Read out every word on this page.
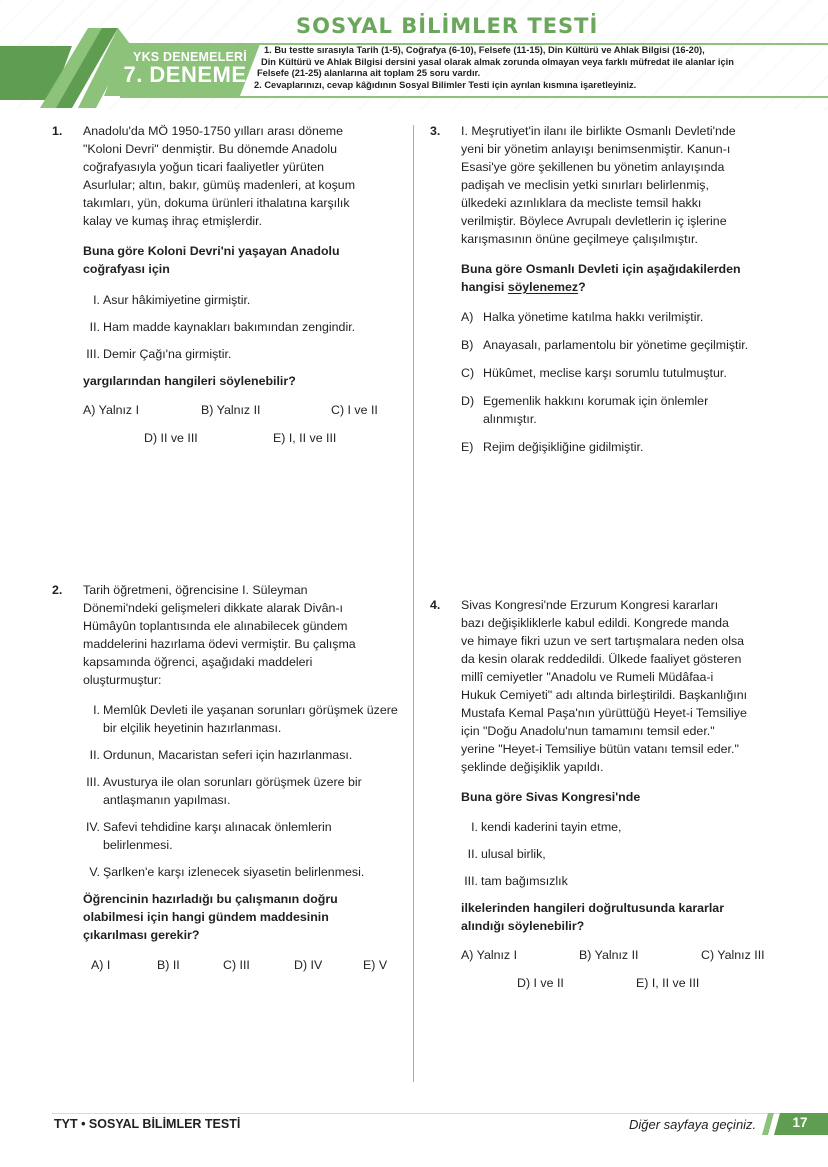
SOSYAL BİLİMLER TESTİ
YKS DENEMELERİ
7. DENEME
1. Bu testte sırasıyla Tarih (1-5), Coğrafya (6-10), Felsefe (11-15), Din Kültürü ve Ahlak Bilgisi (16-20),
Din Kültürü ve Ahlak Bilgisi dersini yasal olarak almak zorunda olmayan veya farklı müfredat ile alanlar için
Felsefe (21-25) alanlarına ait toplam 25 soru vardır.
2. Cevaplarınızı, cevap kâğıdının Sosyal Bilimler Testi için ayrılan kısmına işaretleyiniz.
1. Anadolu'da MÖ 1950-1750 yılları arası döneme

"Koloni Devri" denmiştir. Bu dönemde Anadolu

coğrafyasıyla yoğun ticari faaliyetler yürüten

Asurlular; altın, bakır, gümüş madenleri, at koşum

takımları, yün, dokuma ürünleri ithalatına karşılık

kalay ve kumaş ihraç etmişlerdir.

Buna göre Koloni Devri'ni yaşayan Anadolu

coğrafyası için

I. Asur hâkimiyetine girmiştir.
II. Ham madde kaynakları bakımından zengindir.
III. Demir Çağı'na girmiştir.

yargılarından hangileri söylenebilir?

A) Yalnız I	B) Yalnız II	C) I ve II
D) II ve III	E) I, II ve III
2. Tarih öğretmeni, öğrencisine I. Süleyman

Dönemi'ndeki gelişmeleri dikkate alarak Divân-ı

Hümâyûn toplantısında ele alınabilecek gündem

maddelerini hazırlama ödevi vermiştir. Bu çalışma

kapsamında öğrenci, aşağıdaki maddeleri

oluşturmuştur:

I. Memlûk Devleti ile yaşanan sorunları görüşmek üzere bir elçilik heyetinin hazırlanması.
II. Ordunun, Macaristan seferi için hazırlanması.
III. Avusturya ile olan sorunları görüşmek üzere bir antlaşmanın yapılması.
IV. Safevi tehdidine karşı alınacak önlemlerin belirlenmesi.
V. Şarlken'e karşı izlenecek siyasetin belirlenmesi.

Öğrencinin hazırladığı bu çalışmanın doğru

olabilmesi için hangi gündem maddesinin

çıkarılması gerekir?

A) I	B) II	C) III	D) IV	E) V
3. I. Meşrutiyet'in ilanı ile birlikte Osmanlı Devleti'nde

yeni bir yönetim anlayışı benimsenmiştir. Kanun-ı

Esasi'ye göre şekillenen bu yönetim anlayışında

padişah ve meclisin yetki sınırları belirlenmiş,

ülkedeki azınlıklara da mecliste temsil hakkı

verilmiştir. Böylece Avrupalı devletlerin iç işlerine

karışmasının önüne geçilmeye çalışılmıştır.

Buna göre Osmanlı Devleti için aşağıdakilerden

hangisi söylenemez?

A) Halka yönetime katılma hakkı verilmiştir.
B) Anayasalı, parlamentolu bir yönetime geçilmiştir.
C) Hükûmet, meclise karşı sorumlu tutulmuştur.
D) Egemenlik hakkını korumak için önlemler alınmıştır.
E) Rejim değişikliğine gidilmiştir.
4. Sivas Kongresi'nde Erzurum Kongresi kararları

bazı değişikliklerle kabul edildi. Kongrede manda

ve himaye fikri uzun ve sert tartışmalara neden olsa

da kesin olarak reddedildi. Ülkede faaliyet gösteren

millî cemiyetler "Anadolu ve Rumeli Müdâfaa-i

Hukuk Cemiyeti" adı altında birleştirildi. Başkanlığını

Mustafa Kemal Paşa'nın yürüttüğü Heyet-i Temsiliye

için "Doğu Anadolu'nun tamamını temsil eder."

yerine "Heyet-i Temsiliye bütün vatanı temsil eder."

şeklinde değişiklik yapıldı.

Buna göre Sivas Kongresi'nde

I. kendi kaderini tayin etme,
II. ulusal birlik,
III. tam bağımsızlık

ilkelerinden hangileri doğrultusunda kararlar

alındığı söylenebilir?

A) Yalnız I	B) Yalnız II	C) Yalnız III
D) I ve II	E) I, II ve III
TYT • SOSYAL BİLİMLER TESTİ	Diğer sayfaya geçiniz.	17
